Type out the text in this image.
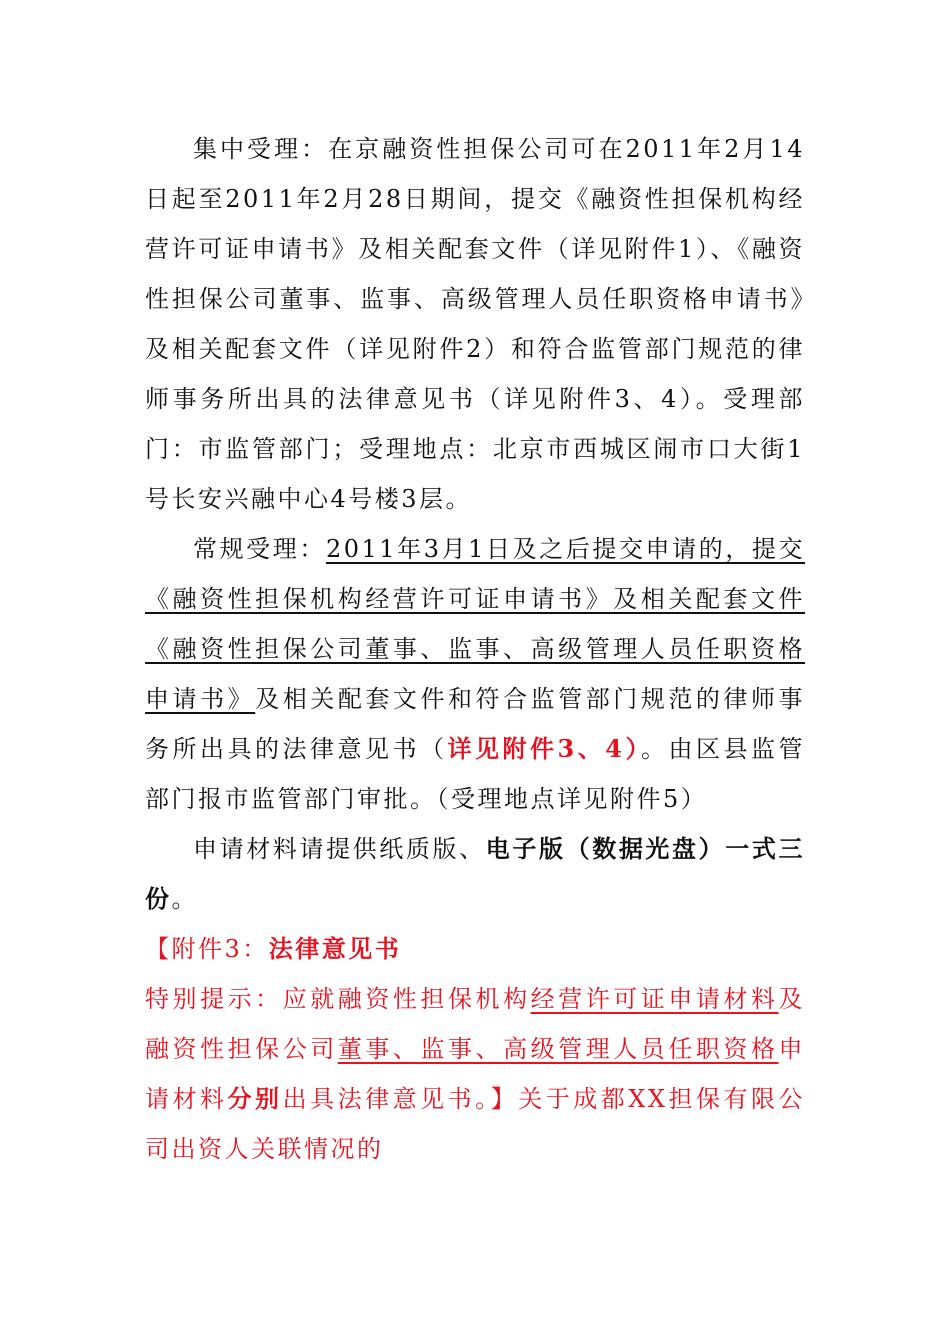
集中受理：在京融资性担保公司可在2011年2月14日起至2011年2月28日期间，提交《融资性担保机构经营许可证申请书》及相关配套文件（详见附件1）、《融资性担保公司董事、监事、高级管理人员任职资格申请书》及相关配套文件（详见附件2）和符合监管部门规范的律师事务所出具的法律意见书（详见附件3、4）。受理部门：市监管部门；受理地点：北京市西城区闹市口大街1号长安兴融中心4号楼3层。

常规受理：2011年3月1日及之后提交申请的，提交《融资性担保机构经营许可证申请书》及相关配套文件《融资性担保公司董事、监事、高级管理人员任职资格申请书》及相关配套文件和符合监管部门规范的律师事务所出具的法律意见书（详见附件3、4）。由区县监管部门报市监管部门审批。（受理地点详见附件5）

申请材料请提供纸质版、电子版（数据光盘）一式三份。

【附件3：法律意见书

特别提示：应就融资性担保机构经营许可证申请材料及融资性担保公司董事、监事、高级管理人员任职资格申请材料分别出具法律意见书。】关于成都XX担保有限公司出资人关联情况的
